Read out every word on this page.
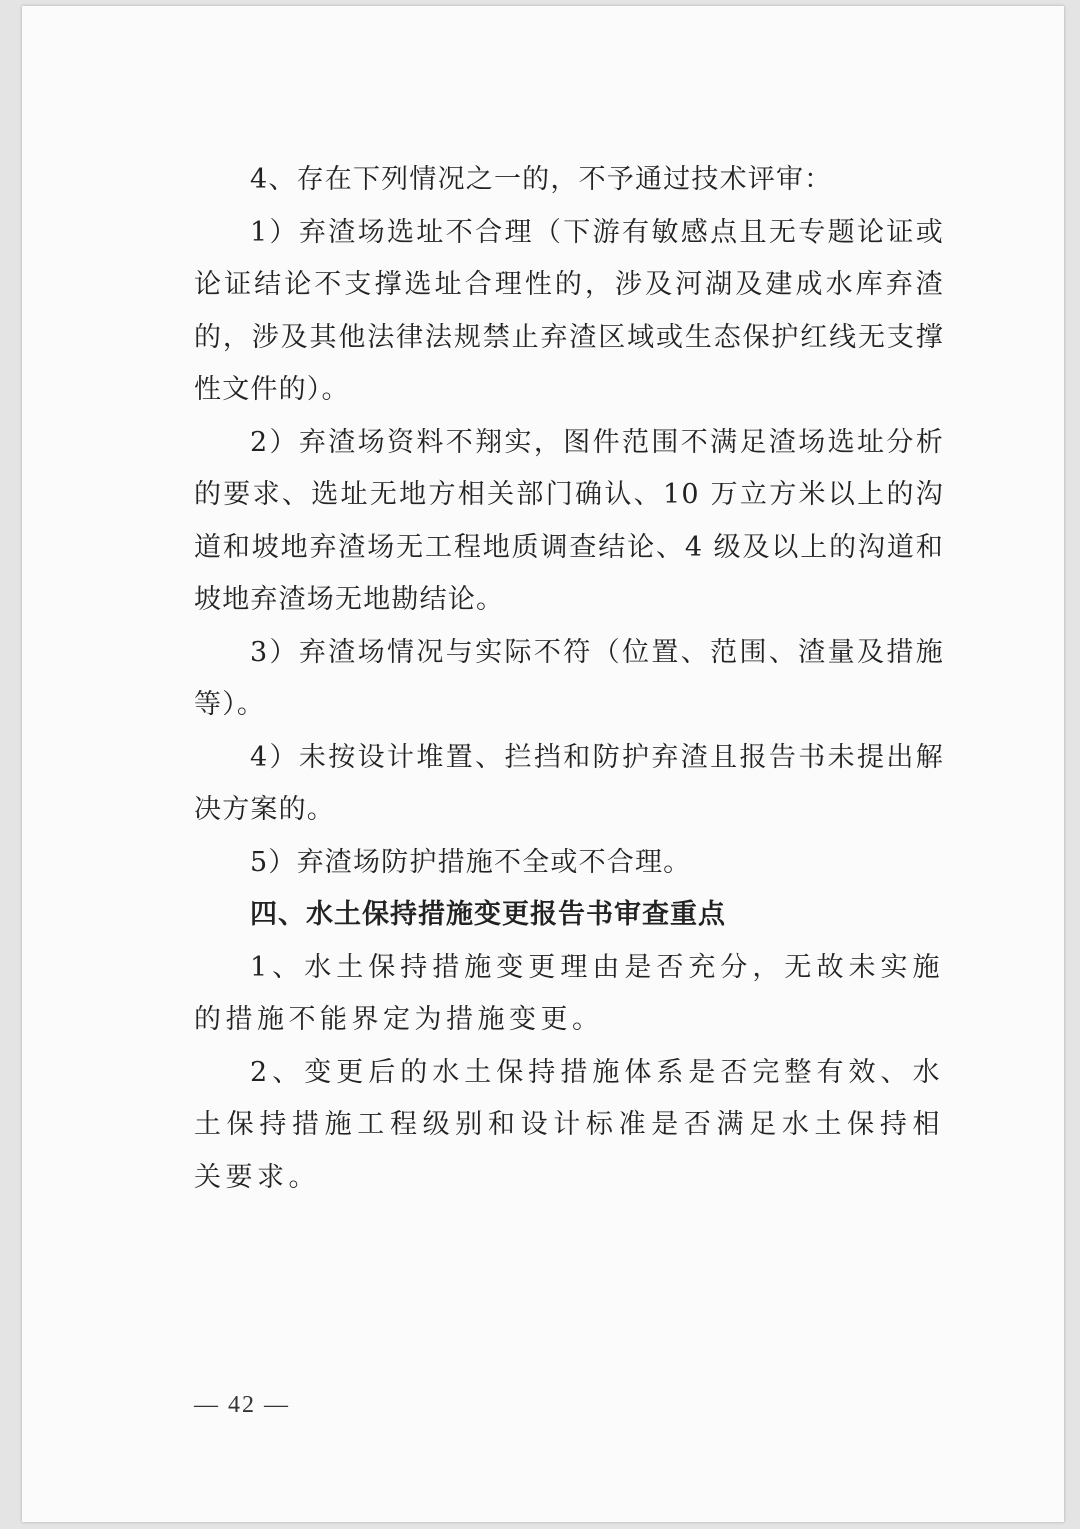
4、存在下列情况之一的，不予通过技术评审：

1）弃渣场选址不合理（下游有敏感点且无专题论证或论证结论不支撑选址合理性的，涉及河湖及建成水库弃渣的，涉及其他法律法规禁止弃渣区域或生态保护红线无支撑性文件的）。

2）弃渣场资料不翔实，图件范围不满足渣场选址分析的要求、选址无地方相关部门确认、10 万立方米以上的沟道和坡地弃渣场无工程地质调查结论、4 级及以上的沟道和坡地弃渣场无地勘结论。

3）弃渣场情况与实际不符（位置、范围、渣量及措施等）。

4）未按设计堆置、拦挡和防护弃渣且报告书未提出解决方案的。

5）弃渣场防护措施不全或不合理。

四、水土保持措施变更报告书审查重点

1、水土保持措施变更理由是否充分，无故未实施的措施不能界定为措施变更。

2、变更后的水土保持措施体系是否完整有效、水土保持措施工程级别和设计标准是否满足水土保持相关要求。

— 42 —
